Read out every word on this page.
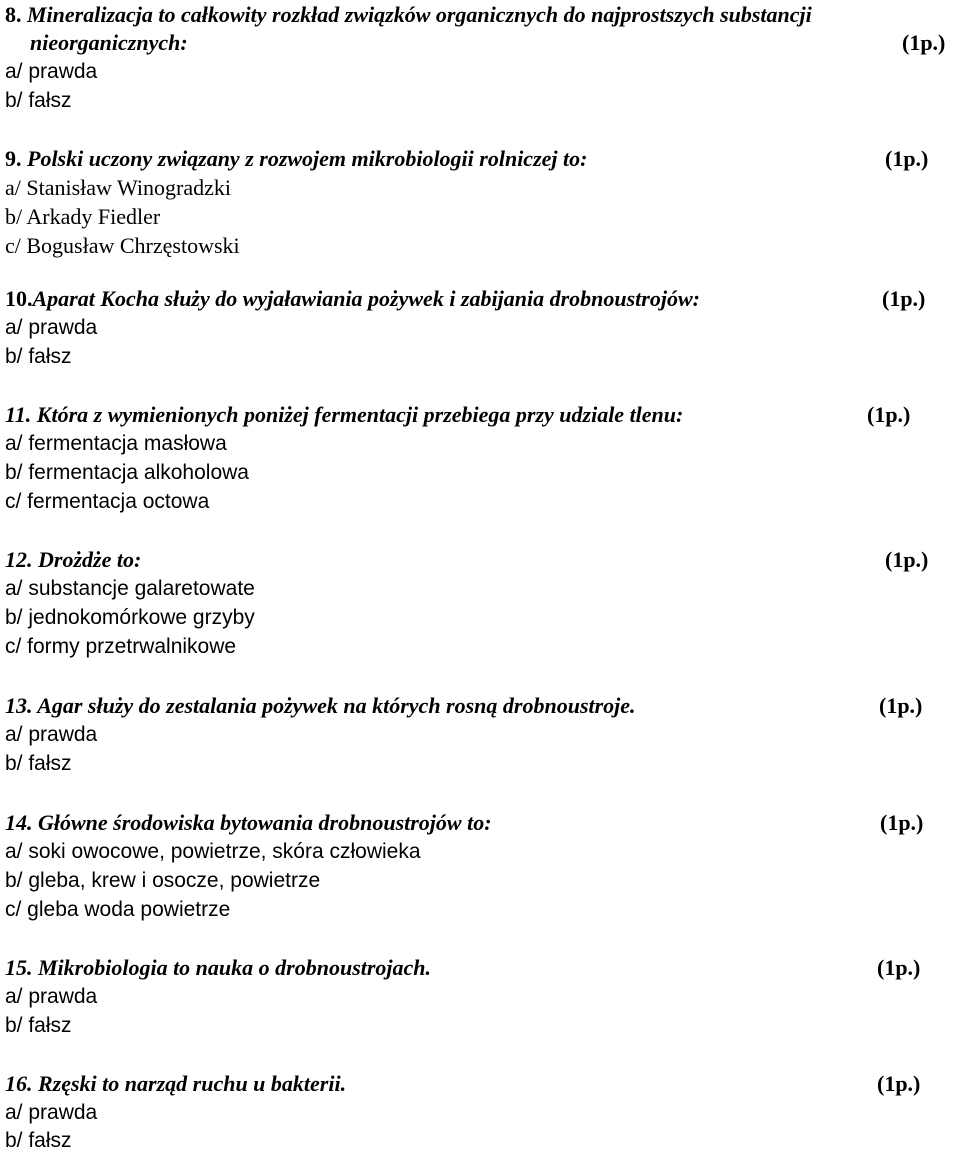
8. Mineralizacja to całkowity rozkład związków organicznych do najprostszych substancji
nieorganicznych:	(1p.)
a/ prawda
b/ fałsz
9. Polski uczony związany z rozwojem mikrobiologii rolniczej to:	(1p.)
a/ Stanisław Winogradzki
b/ Arkady Fiedler
c/ Bogusław Chrzęstowski
10.Aparat Kocha służy do wyjaławiania pożywek i zabijania drobnoustrojów:	(1p.)
a/ prawda
b/ fałsz
11. Która z wymienionych poniżej fermentacji przebiega przy udziale tlenu:	(1p.)
a/ fermentacja masłowa
b/ fermentacja alkoholowa
c/ fermentacja octowa
12. Drożdże to:	(1p.)
a/ substancje galaretowate
b/ jednokomórkowe grzyby
c/ formy przetrwalnikowe
13. Agar służy do zestalania pożywek na których rosną drobnoustroje.	(1p.)
a/ prawda
b/ fałsz
14. Główne środowiska bytowania drobnoustrojów to:	(1p.)
a/ soki owocowe, powietrze, skóra człowieka
b/ gleba, krew i osocze, powietrze
c/ gleba woda powietrze
15. Mikrobiologia to nauka o drobnoustrojach.	(1p.)
a/ prawda
b/ fałsz
16. Rzęski to narząd ruchu u bakterii.	(1p.)
a/ prawda
b/ fałsz
